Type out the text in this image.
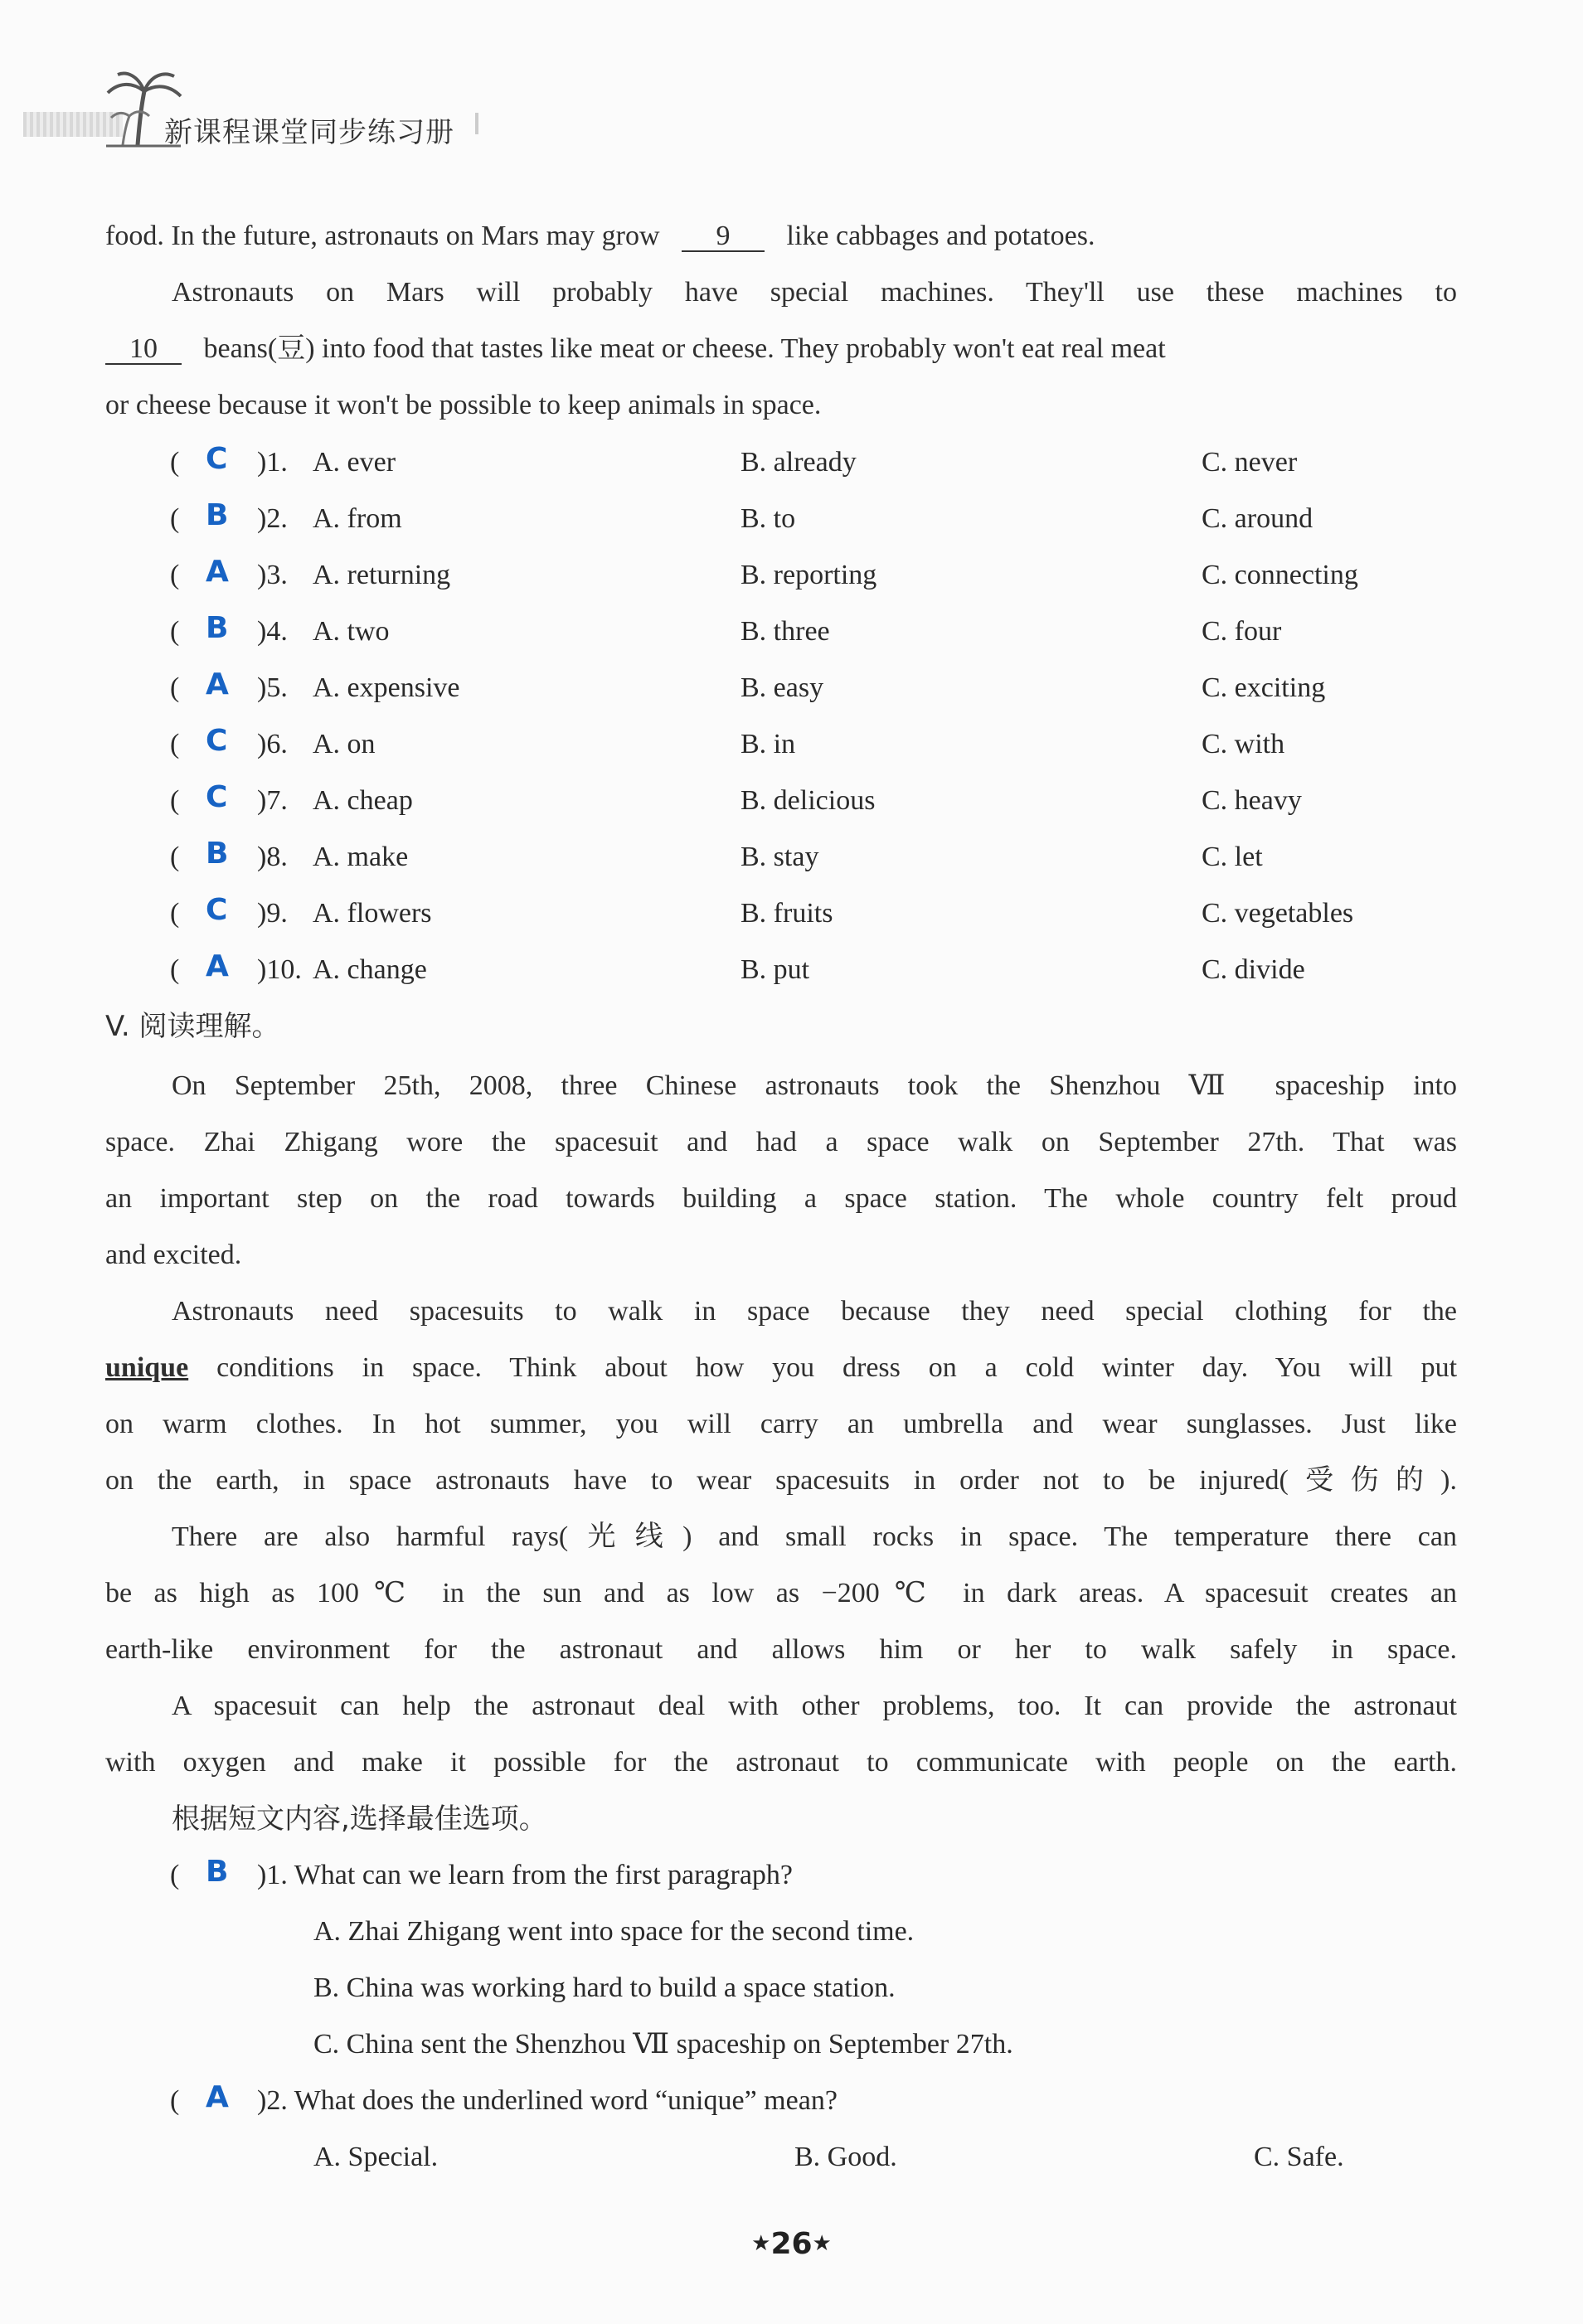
新课程课堂同步练习册
food. In the future, astronauts on Mars may grow 9 like cabbages and potatoes.
Astronauts on Mars will probably have special machines. They'll use these machines to
10 beans(豆) into food that tastes like meat or cheese. They probably won't eat real meat
or cheese because it won't be possible to keep animals in space.
( C )1. A. ever	B. already	C. never
( B )2. A. from	B. to	C. around
( A )3. A. returning	B. reporting	C. connecting
( B )4. A. two	B. three	C. four
( A )5. A. expensive	B. easy	C. exciting
( C )6. A. on	B. in	C. with
( C )7. A. cheap	B. delicious	C. heavy
( B )8. A. make	B. stay	C. let
( C )9. A. flowers	B. fruits	C. vegetables
( A )10. A. change	B. put	C. divide
V. 阅读理解。
On September 25th, 2008, three Chinese astronauts took the Shenzhou Ⅶ spaceship into
space. Zhai Zhigang wore the spacesuit and had a space walk on September 27th. That was
an important step on the road towards building a space station. The whole country felt proud
and excited.
Astronauts need spacesuits to walk in space because they need special clothing for the
unique conditions in space. Think about how you dress on a cold winter day. You will put
on warm clothes. In hot summer, you will carry an umbrella and wear sunglasses. Just like
on the earth, in space astronauts have to wear spacesuits in order not to be injured(受伤的).
There are also harmful rays(光线) and small rocks in space. The temperature there can
be as high as 100℃ in the sun and as low as −200℃ in dark areas. A spacesuit creates an
earth-like environment for the astronaut and allows him or her to walk safely in space.
A spacesuit can help the astronaut deal with other problems, too. It can provide the astronaut
with oxygen and make it possible for the astronaut to communicate with people on the earth.
根据短文内容,选择最佳选项。
( B )1. What can we learn from the first paragraph?
A. Zhai Zhigang went into space for the second time.
B. China was working hard to build a space station.
C. China sent the Shenzhou Ⅶ spaceship on September 27th.
( A )2. What does the underlined word “unique” mean?
A. Special.	B. Good.	C. Safe.
★26★
